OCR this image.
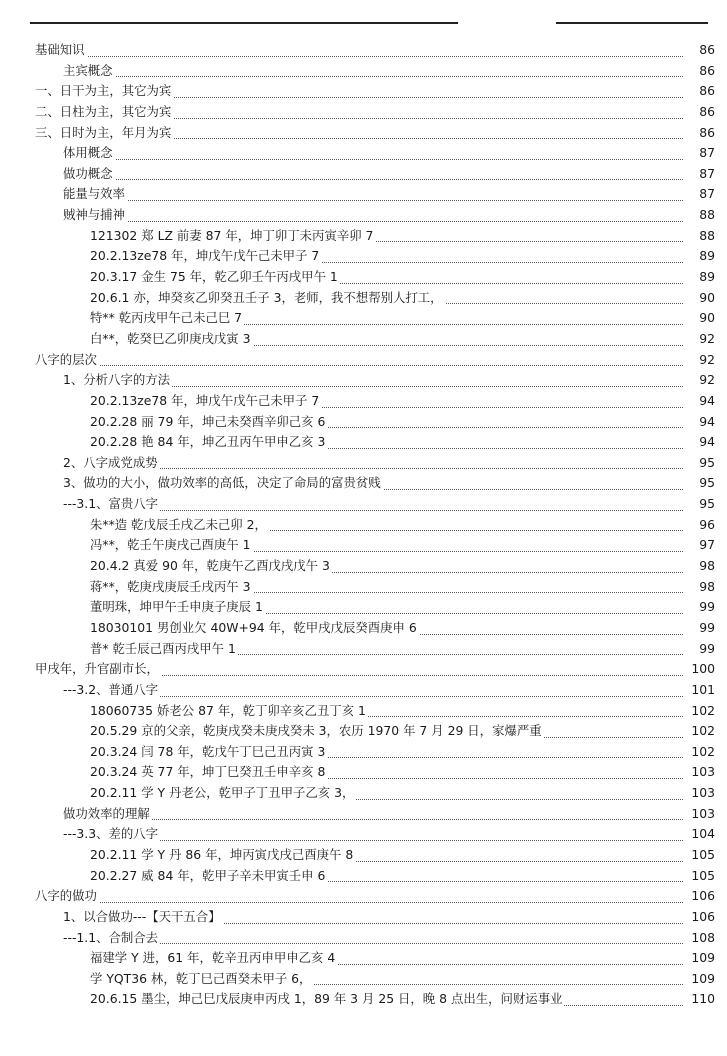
基础知识	86
主宾概念	86
一、日干为主，其它为宾	86
二、日柱为主，其它为宾	86
三、日时为主，年月为宾	86
体用概念	87
做功概念	87
能量与效率	87
贼神与捕神	88
121302 郑 LZ 前妻 87 年，坤丁卯丁未丙寅辛卯 7	88
20.2.13ze78 年，坤戊午戊午己未甲子 7	89
20.3.17 金生 75 年，乾乙卯壬午丙戌甲午 1	89
20.6.1 亦，坤癸亥乙卯癸丑壬子 3，老师，我不想帮别人打工，	90
特** 乾丙戌甲午己未己巳 7	90
白**，乾癸巳乙卯庚戌戊寅 3	92
八字的层次	92
1、分析八字的方法	92
20.2.13ze78 年，坤戊午戊午己未甲子 7	94
20.2.28 丽 79 年，坤己未癸酉辛卯己亥 6	94
20.2.28 艳 84 年，坤乙丑丙午甲申乙亥 3	94
2、八字成党成势	95
3、做功的大小，做功效率的高低，决定了命局的富贵贫贱	95
---3.1、富贵八字	95
朱**造 乾戊辰壬戌乙未己卯 2，	96
冯**，乾壬午庚戌己酉庚午 1	97
20.4.2 真爱 90 年，乾庚午乙酉戊戌戊午 3	98
蒋**，乾庚戌庚辰壬戌丙午 3	98
董明珠，坤甲午壬申庚子庚辰 1	99
18030101 男创业欠 40W+94 年，乾甲戌戊辰癸酉庚申 6	99
普* 乾壬辰己酉丙戌甲午 1	99
甲戌年，升官副市长，	100
---3.2、普通八字	101
18060735 娇老公 87 年，乾丁卯辛亥乙丑丁亥 1	102
20.5.29 京的父亲，乾庚戌癸未庚戌癸未 3，农历 1970 年 7 月 29 日，家爆严重	102
20.3.24 闫 78 年，乾戊午丁巳己丑丙寅 3	102
20.3.24 英 77 年，坤丁巳癸丑壬申辛亥 8	103
20.2.11 学 Y 丹老公，乾甲子丁丑甲子乙亥 3，	103
做功效率的理解	103
---3.3、差的八字	104
20.2.11 学 Y 丹 86 年，坤丙寅戊戌己酉庚午 8	105
20.2.27 威 84 年，乾甲子辛未甲寅壬申 6	105
八字的做功	106
1、以合做功---【天干五合】	106
---1.1、合制合去	108
福建学 Y 进，61 年，乾辛丑丙申甲申乙亥 4	109
学 YQT36 林，乾丁巳己酉癸未甲子 6，	109
20.6.15 墨尘，坤己巳戊辰庚申丙戌 1，89 年 3 月 25 日，晚 8 点出生，问财运事业	110
